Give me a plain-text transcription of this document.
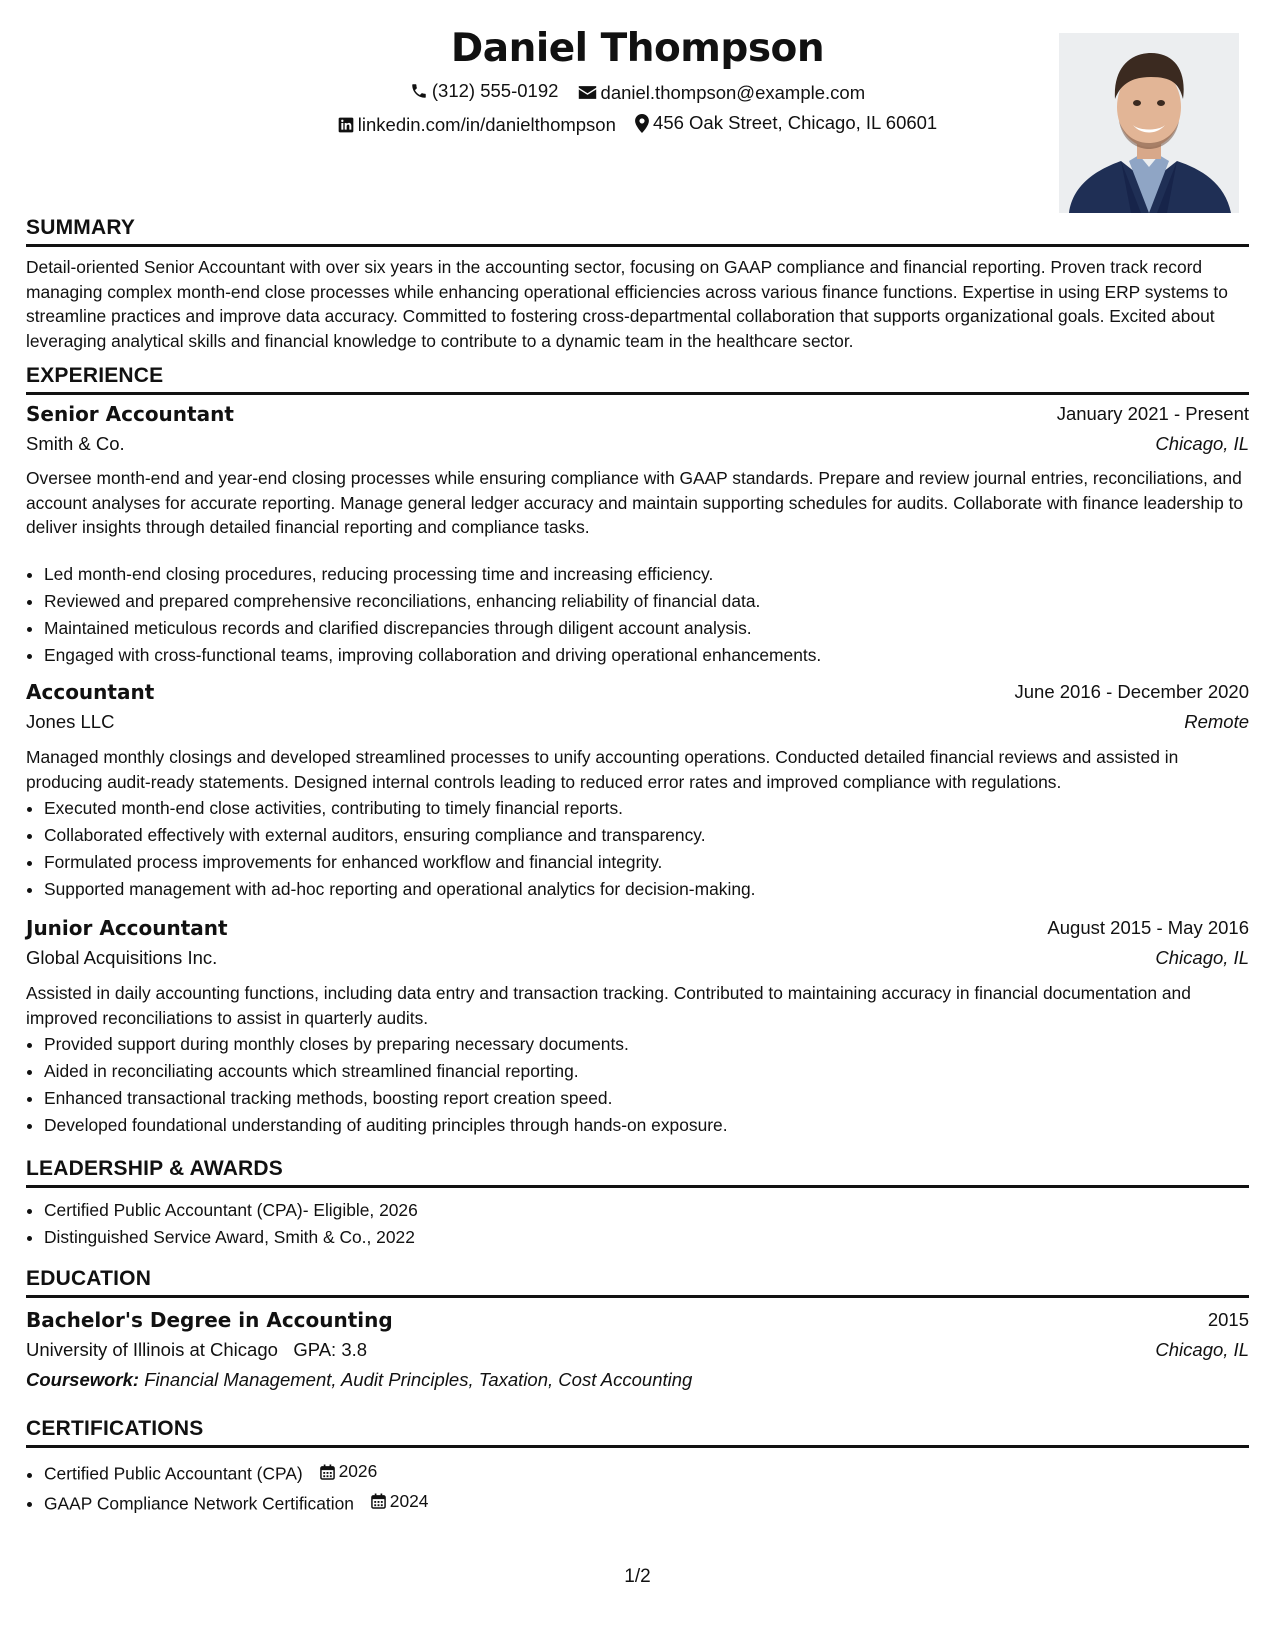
Daniel Thompson
(312) 555-0192
daniel.thompson@example.com
linkedin.com/in/danielthompson
456 Oak Street, Chicago, IL 60601
SUMMARY
Detail-oriented Senior Accountant with over six years in the accounting sector, focusing on GAAP compliance and financial reporting. Proven track record managing complex month-end close processes while enhancing operational efficiencies across various finance functions. Expertise in using ERP systems to streamline practices and improve data accuracy. Committed to fostering cross-departmental collaboration that supports organizational goals. Excited about leveraging analytical skills and financial knowledge to contribute to a dynamic team in the healthcare sector.
EXPERIENCE
Senior Accountant	January 2021 - Present
Smith & Co.	Chicago, IL
Oversee month-end and year-end closing processes while ensuring compliance with GAAP standards. Prepare and review journal entries, reconciliations, and account analyses for accurate reporting. Manage general ledger accuracy and maintain supporting schedules for audits. Collaborate with finance leadership to deliver insights through detailed financial reporting and compliance tasks.
• Led month-end closing procedures, reducing processing time and increasing efficiency.
• Reviewed and prepared comprehensive reconciliations, enhancing reliability of financial data.
• Maintained meticulous records and clarified discrepancies through diligent account analysis.
• Engaged with cross-functional teams, improving collaboration and driving operational enhancements.
Accountant	June 2016 - December 2020
Jones LLC	Remote
Managed monthly closings and developed streamlined processes to unify accounting operations. Conducted detailed financial reviews and assisted in producing audit-ready statements. Designed internal controls leading to reduced error rates and improved compliance with regulations.
• Executed month-end close activities, contributing to timely financial reports.
• Collaborated effectively with external auditors, ensuring compliance and transparency.
• Formulated process improvements for enhanced workflow and financial integrity.
• Supported management with ad-hoc reporting and operational analytics for decision-making.
Junior Accountant	August 2015 - May 2016
Global Acquisitions Inc.	Chicago, IL
Assisted in daily accounting functions, including data entry and transaction tracking. Contributed to maintaining accuracy in financial documentation and improved reconciliations to assist in quarterly audits.
• Provided support during monthly closes by preparing necessary documents.
• Aided in reconciliating accounts which streamlined financial reporting.
• Enhanced transactional tracking methods, boosting report creation speed.
• Developed foundational understanding of auditing principles through hands-on exposure.
LEADERSHIP & AWARDS
• Certified Public Accountant (CPA)- Eligible, 2026
• Distinguished Service Award, Smith & Co., 2022
EDUCATION
Bachelor's Degree in Accounting	2015
University of Illinois at Chicago GPA: 3.8	Chicago, IL
Coursework: Financial Management, Audit Principles, Taxation, Cost Accounting
CERTIFICATIONS
• Certified Public Accountant (CPA) 2026
• GAAP Compliance Network Certification 2024
1/2
